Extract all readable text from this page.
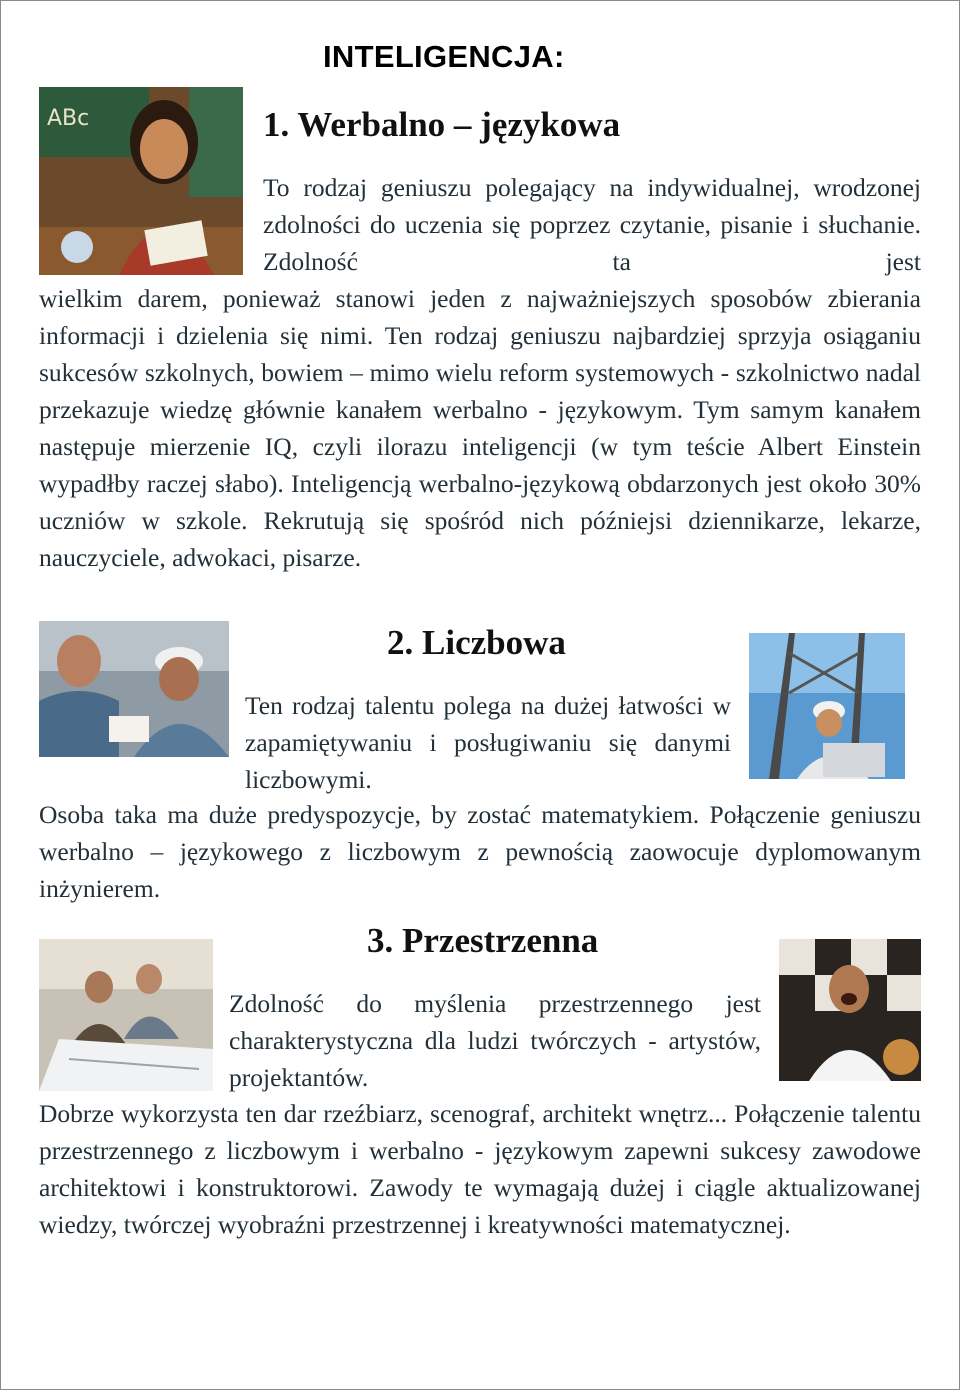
INTELIGENCJA:
ABc	1. Werbalno – językowa

To rodzaj geniuszu polegający na indywidualnej, wrodzonej zdolności do uczenia się poprzez czytanie, pisanie i słuchanie. Zdolność ta jest

wielkim darem, ponieważ stanowi jeden z najważniejszych sposobów zbierania informacji i dzielenia się nimi. Ten rodzaj geniuszu najbardziej sprzyja osiąganiu sukcesów szkolnych, bowiem – mimo wielu reform systemowych - szkolnictwo nadal przekazuje wiedzę głównie kanałem werbalno - językowym. Tym samym kanałem następuje mierzenie IQ, czyli ilorazu inteligencji (w tym teście Albert Einstein wypadłby raczej słabo). Inteligencją werbalno-językową obdarzonych jest około 30% uczniów w szkole. Rekrutują się spośród nich późniejsi dziennikarze, lekarze, nauczyciele, adwokaci, pisarze.

2. Liczbowa

Ten rodzaj talentu polega na dużej łatwości w zapamiętywaniu i posługiwaniu się danymi liczbowymi.

Osoba taka ma duże predyspozycje, by zostać matematykiem. Połączenie geniuszu werbalno – językowego z liczbowym z pewnością zaowocuje dyplomowanym inżynierem.

3. Przestrzenna

Zdolność do myślenia przestrzennego jest charakterystyczna dla ludzi twórczych - artystów, projektantów.

Dobrze wykorzysta ten dar rzeźbiarz, scenograf, architekt wnętrz... Połączenie talentu przestrzennego z liczbowym i werbalno - językowym zapewni sukcesy zawodowe architektowi i konstruktorowi. Zawody te wymagają dużej i ciągle aktualizowanej wiedzy, twórczej wyobraźni przestrzennej i kreatywności matematycznej.
